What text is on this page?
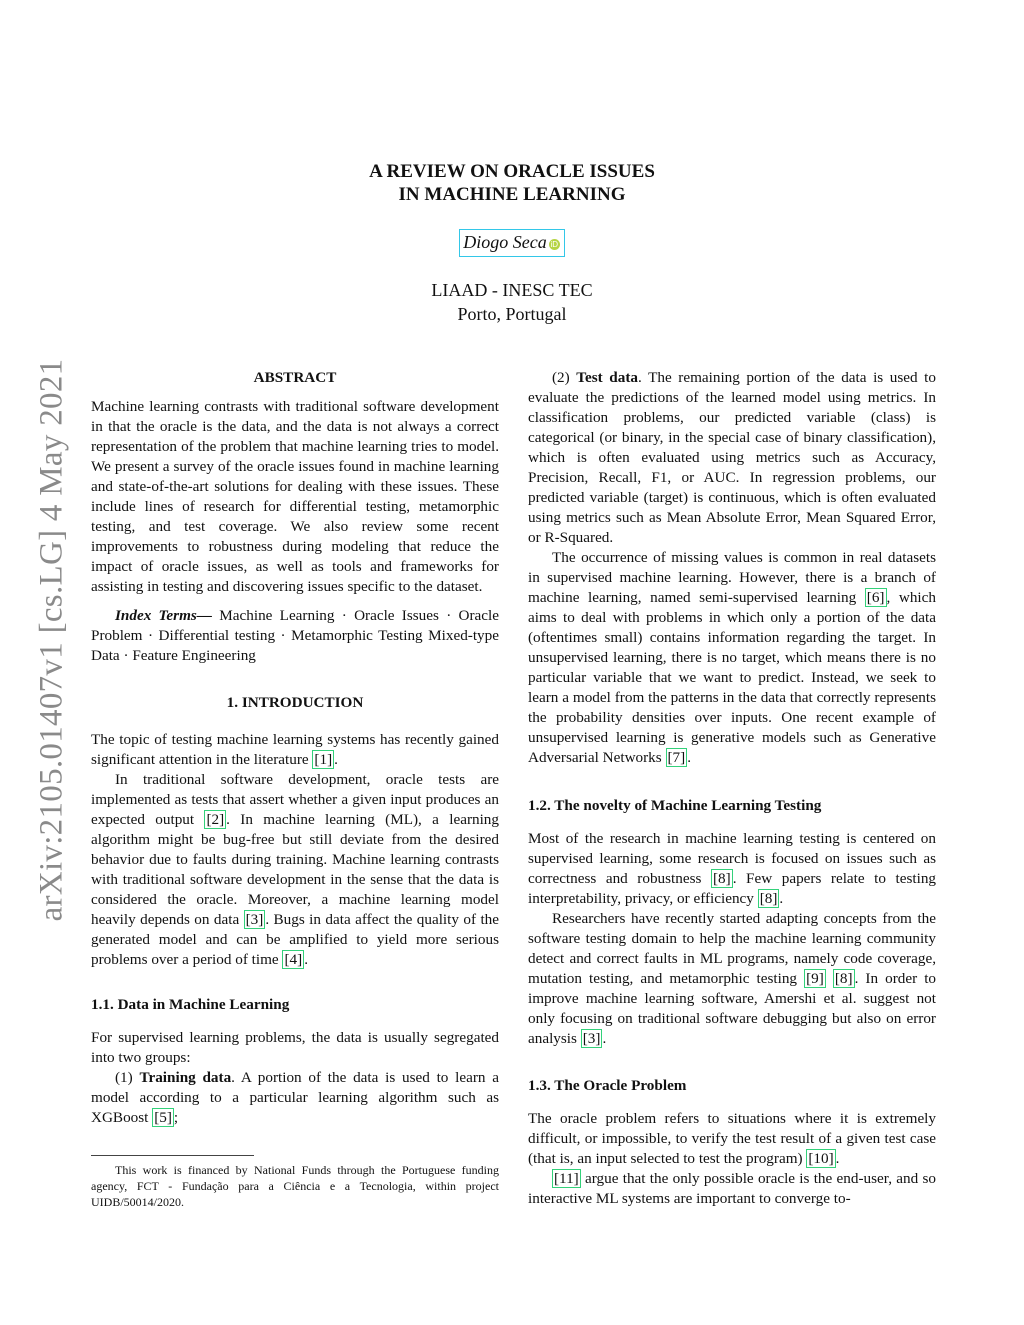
arXiv:2105.01407v1 [cs.LG] 4 May 2021
A REVIEW ON ORACLE ISSUES
IN MACHINE LEARNING
Diogo Seca iD
LIAAD - INESC TEC
Porto, Portugal

ABSTRACT

Machine learning contrasts with traditional software development in that the oracle is the data, and the data is not always a correct representation of the problem that machine learning tries to model. We present a survey of the oracle issues found in machine learning and state-of-the-art solutions for dealing with these issues. These include lines of research for differential testing, metamorphic testing, and test coverage. We also review some recent improvements to robustness during modeling that reduce the impact of oracle issues, as well as tools and frameworks for assisting in testing and discovering issues specific to the dataset.

Index Terms— Machine Learning · Oracle Issues · Oracle Problem · Differential testing · Metamorphic Testing Mixed-type Data · Feature Engineering

1. INTRODUCTION

The topic of testing machine learning systems has recently gained significant attention in the literature [1] .

In traditional software development, oracle tests are implemented as tests that assert whether a given input produces an expected output [2] . In machine learning (ML), a learning algorithm might be bug-free but still deviate from the desired behavior due to faults during training. Machine learning contrasts with traditional software development in the sense that the data is considered the oracle. Moreover, a machine learning model heavily depends on data [3] . Bugs in data affect the quality of the generated model and can be amplified to yield more serious problems over a period of time [4] .

1.1. Data in Machine Learning

For supervised learning problems, the data is usually segregated into two groups:

(1) Training data. A portion of the data is used to learn a model according to a particular learning algorithm such as XGBoost [5] ;

This work is financed by National Funds through the Portuguese funding agency, FCT - Fundação para a Ciência e a Tecnologia, within project UIDB/50014/2020.

(2) Test data. The remaining portion of the data is used to evaluate the predictions of the learned model using metrics. In classification problems, our predicted variable (class) is categorical (or binary, in the special case of binary classification), which is often evaluated using metrics such as Accuracy, Precision, Recall, F1, or AUC. In regression problems, our predicted variable (target) is continuous, which is often evaluated using metrics such as Mean Absolute Error, Mean Squared Error, or R-Squared.

The occurrence of missing values is common in real datasets in supervised machine learning. However, there is a branch of machine learning, named semi-supervised learning [6] , which aims to deal with problems in which only a portion of the data (oftentimes small) contains information regarding the target. In unsupervised learning, there is no target, which means there is no particular variable that we want to predict. Instead, we seek to learn a model from the patterns in the data that correctly represents the probability densities over inputs. One recent example of unsupervised learning is generative models such as Generative Adversarial Networks [7] .

1.2. The novelty of Machine Learning Testing

Most of the research in machine learning testing is centered on supervised learning, some research is focused on issues such as correctness and robustness [8] . Few papers relate to testing interpretability, privacy, or efficiency [8] .

Researchers have recently started adapting concepts from the software testing domain to help the machine learning community detect and correct faults in ML programs, namely code coverage, mutation testing, and metamorphic testing [9] [8] . In order to improve machine learning software, Amershi et al. suggest not only focusing on traditional software debugging but also on error analysis [3] .

1.3. The Oracle Problem

The oracle problem refers to situations where it is extremely difficult, or impossible, to verify the test result of a given test case (that is, an input selected to test the program) [10] .

[11] argue that the only possible oracle is the end-user, and so interactive ML systems are important to converge to-
